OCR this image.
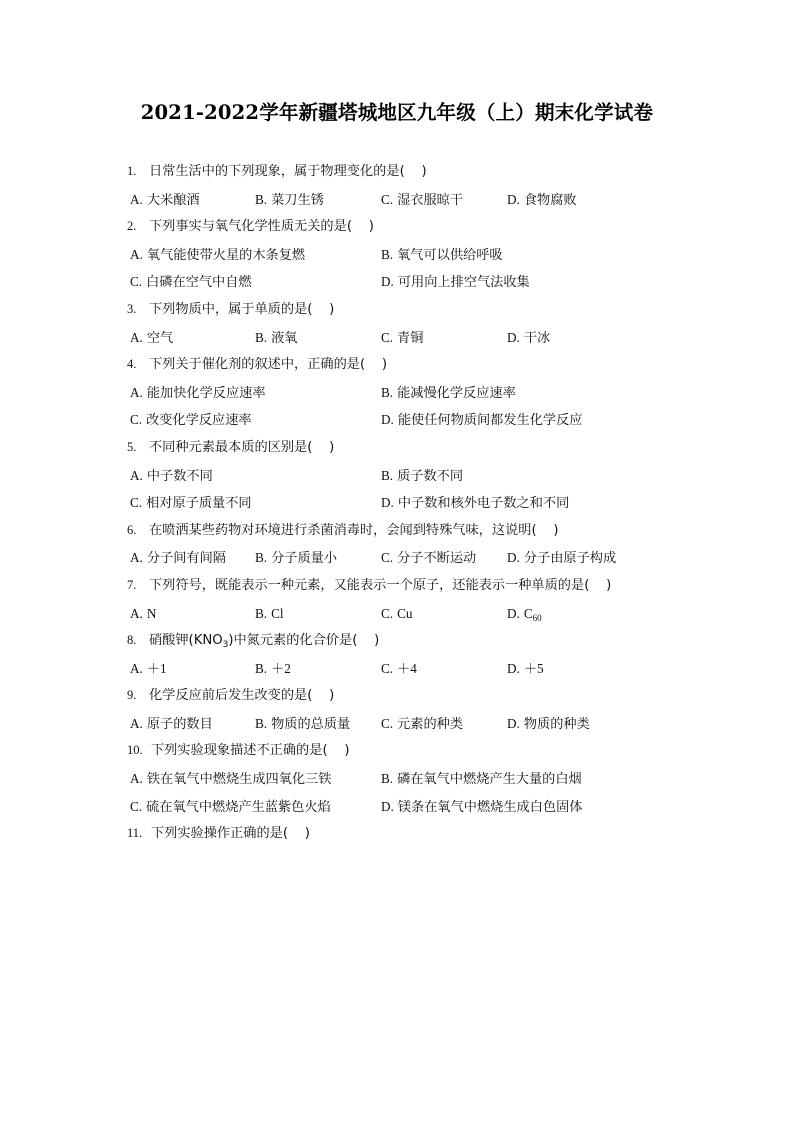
2021-2022学年新疆塔城地区九年级（上）期末化学试卷
1. 日常生活中的下列现象，属于物理变化的是(    )
A. 大米酿酒	B. 菜刀生锈	C. 湿衣服晾干	D. 食物腐败
2. 下列事实与氧气化学性质无关的是(    )
A. 氧气能使带火星的木条复燃	B. 氧气可以供给呼吸
C. 白磷在空气中自燃	D. 可用向上排空气法收集
3. 下列物质中，属于单质的是(    )
A. 空气	B. 液氧	C. 青铜	D. 干冰
4. 下列关于催化剂的叙述中，正确的是(    )
A. 能加快化学反应速率	B. 能减慢化学反应速率
C. 改变化学反应速率	D. 能使任何物质间都发生化学反应
5. 不同种元素最本质的区别是(    )
A. 中子数不同	B. 质子数不同
C. 相对原子质量不同	D. 中子数和核外电子数之和不同
6. 在喷洒某些药物对环境进行杀菌消毒时，会闻到特殊气味，这说明(    )
A. 分子间有间隔 B. 分子质量小	C. 分子不断运动 D. 分子由原子构成
7. 下列符号，既能表示一种元素，又能表示一个原子，还能表示一种单质的是(    )
A. N	B. Cl	C. Cu	D. $C_{60}$
8. 硝酸钾$(KNO_3)$中氮元素的化合价是(    )
A. ＋1	B. ＋2	C. ＋4	D. ＋5
9. 化学反应前后发生改变的是(    )
A. 原子的数目	B. 物质的总质量 C. 元素的种类	D. 物质的种类
10. 下列实验现象描述不正确的是(    )
A. 铁在氧气中燃烧生成四氧化三铁	B. 磷在氧气中燃烧产生大量的白烟
C. 硫在氧气中燃烧产生蓝紫色火焰	D. 镁条在氧气中燃烧生成白色固体
11. 下列实验操作正确的是(    )
